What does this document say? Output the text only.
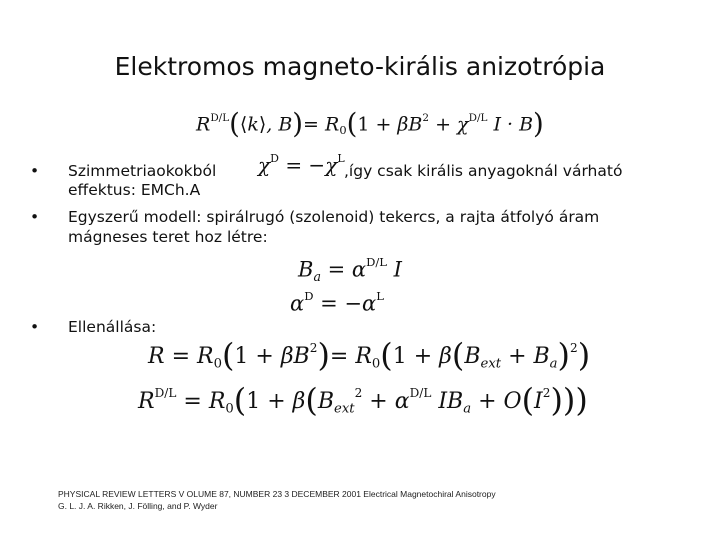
Elektromos magneto-királis anizotrópia
$R^{D/L}(⟨k⟩$, $B)= R_0(1 + \beta B^2 + \chi^{D/L}$ I · B)
• Szimmetriaokokból	$\chi^D = -\chi^L$
,így csak királis anyagoknál várható
effektus: EMCh.A
• Egyszerű modell: spirálrugó (szolenoid) tekercs, a rajta átfolyó áram
mágneses teret hoz létre:
$B_a = \alpha^{D/L}$ I
$\alpha^D = -\alpha^L$
• Ellenállása:
$R = R_0(1 + \beta B^2)= R_0(1 + \beta(B_{ext} + B_a)^2)$
$R^{D/L} = R_0(1 + \beta(B_{ext}^2 + \alpha^{D/L}$ $IB_a + O(I^2)$))
PHYSICAL REVIEW LETTERS V OLUME 87, NUMBER 23 3 DECEMBER 2001 Electrical Magnetochiral Anisotropy
G. L. J. A. Rikken, J. Fölling, and P. Wyder
